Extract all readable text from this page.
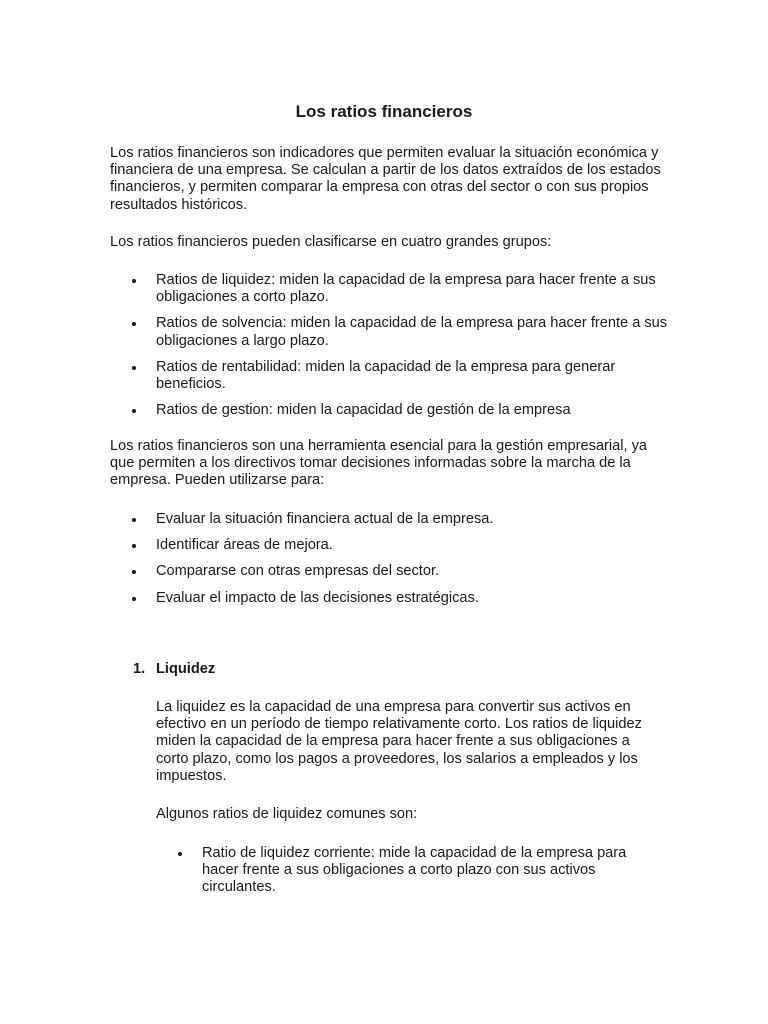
Los ratios financieros

Los ratios financieros son indicadores que permiten evaluar la situación económica y financiera de una empresa. Se calculan a partir de los datos extraídos de los estados financieros, y permiten comparar la empresa con otras del sector o con sus propios resultados históricos.

Los ratios financieros pueden clasificarse en cuatro grandes grupos:

Ratios de liquidez: miden la capacidad de la empresa para hacer frente a sus obligaciones a corto plazo.
Ratios de solvencia: miden la capacidad de la empresa para hacer frente a sus obligaciones a largo plazo.
Ratios de rentabilidad: miden la capacidad de la empresa para generar beneficios.
Ratios de gestion: miden la capacidad de gestión de la empresa

Los ratios financieros son una herramienta esencial para la gestión empresarial, ya que permiten a los directivos tomar decisiones informadas sobre la marcha de la empresa. Pueden utilizarse para:

Evaluar la situación financiera actual de la empresa.
Identificar áreas de mejora.
Compararse con otras empresas del sector.
Evaluar el impacto de las decisiones estratégicas.
1. Liquidez

La liquidez es la capacidad de una empresa para convertir sus activos en efectivo en un período de tiempo relativamente corto. Los ratios de liquidez miden la capacidad de la empresa para hacer frente a sus obligaciones a corto plazo, como los pagos a proveedores, los salarios a empleados y los impuestos.

Algunos ratios de liquidez comunes son:

Ratio de liquidez corriente: mide la capacidad de la empresa para hacer frente a sus obligaciones a corto plazo con sus activos circulantes.
